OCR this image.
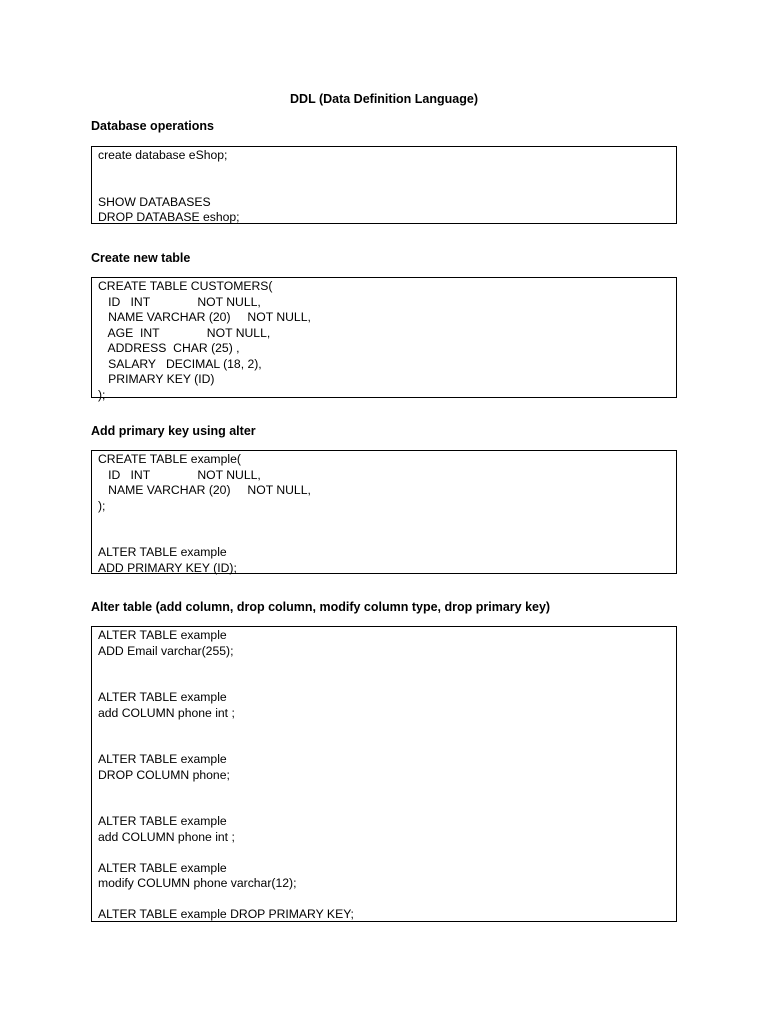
DDL (Data Definition Language)
Database operations
create database eShop;
SHOW DATABASES
DROP DATABASE eshop;
Create new table
CREATE TABLE CUSTOMERS(
ID   INT              NOT NULL,
NAME VARCHAR (20)     NOT NULL,
AGE  INT              NOT NULL,
ADDRESS  CHAR (25) ,
SALARY   DECIMAL (18, 2),
PRIMARY KEY (ID)
);
Add primary key using alter
CREATE TABLE example(
ID   INT              NOT NULL,
NAME VARCHAR (20)     NOT NULL,
);
ALTER TABLE example
ADD PRIMARY KEY (ID);
Alter table (add column, drop column, modify column type, drop primary key)
ALTER TABLE example
ADD Email varchar(255);
ALTER TABLE example
add COLUMN phone int ;
ALTER TABLE example
DROP COLUMN phone;
ALTER TABLE example
add COLUMN phone int ;
ALTER TABLE example
modify COLUMN phone varchar(12);
ALTER TABLE example DROP PRIMARY KEY;
